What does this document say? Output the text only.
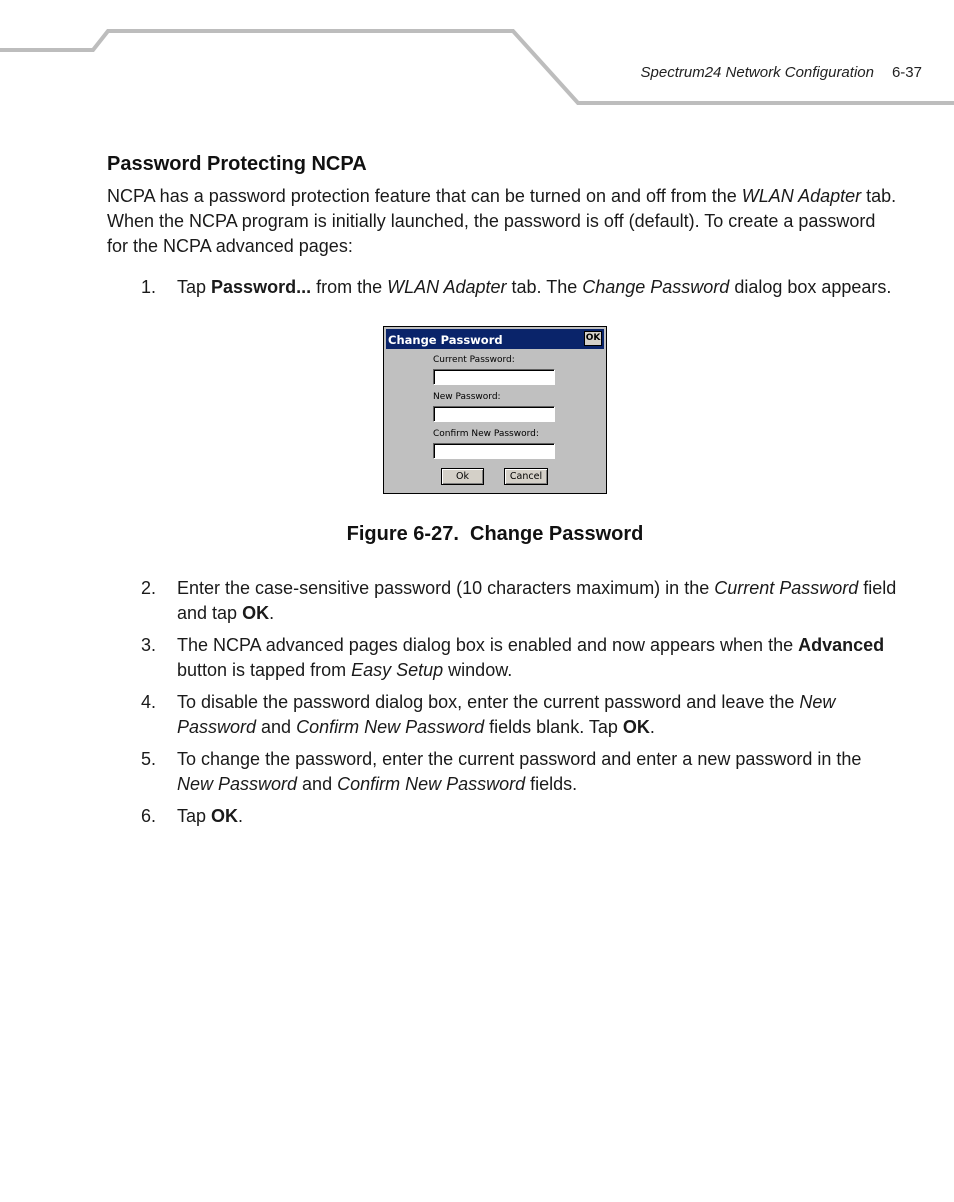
Spectrum24 Network Configuration 6-37
Password Protecting NCPA

NCPA has a password protection feature that can be turned on and off from the WLAN Adapter tab. When the NCPA program is initially launched, the password is off (default). To create a password for the NCPA advanced pages:

1. Tap Password... from the WLAN Adapter tab. The Change Password dialog box appears.
Change Password	OK
Current Password:
New Password:
Confirm New Password:
Ok	Cancel
Figure 6-27.  Change Password
2. Enter the case-sensitive password (10 characters maximum) in the Current Password field and tap OK.
3. The NCPA advanced pages dialog box is enabled and now appears when the Advanced button is tapped from Easy Setup window.
4. To disable the password dialog box, enter the current password and leave the New Password and Confirm New Password fields blank. Tap OK.
5. To change the password, enter the current password and enter a new password in the New Password and Confirm New Password fields.
6. Tap OK.
